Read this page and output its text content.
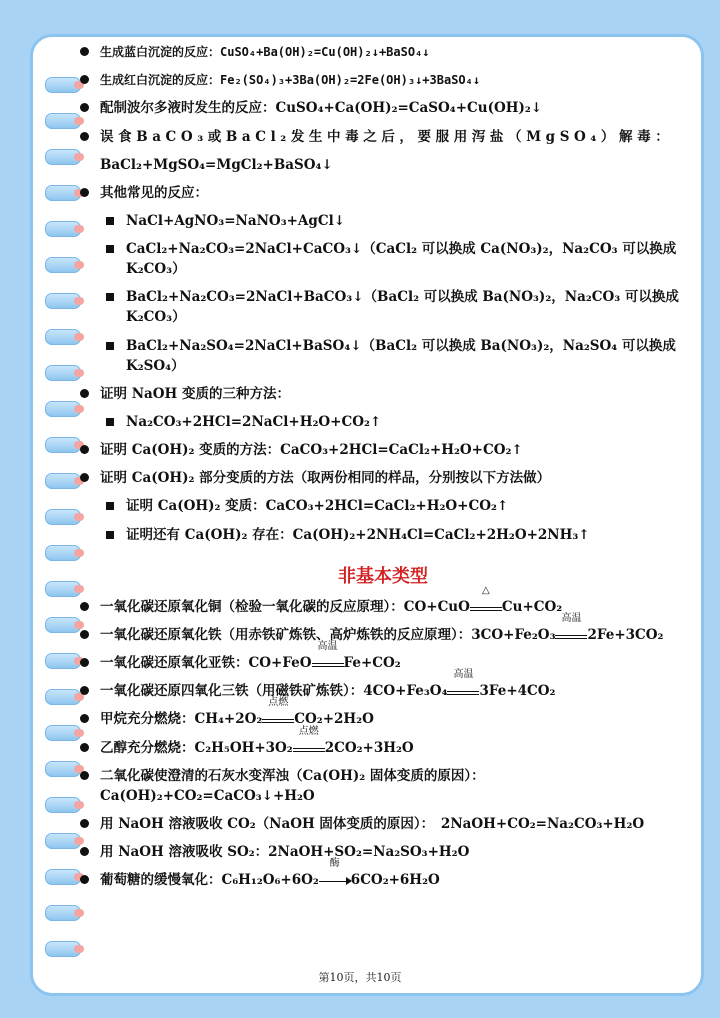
生成蓝白沉淀的反应：CuSO₄+Ba(OH)₂=Cu(OH)₂↓+BaSO₄↓
生成红白沉淀的反应：Fe₂(SO₄)₃+3Ba(OH)₂=2Fe(OH)₃↓+3BaSO₄↓
配制波尔多液时发生的反应：CuSO₄+Ca(OH)₂=CaSO₄+Cu(OH)₂↓
误食BaCO₃或BaCl₂发生中毒之后，要服用泻盐（MgSO₄）解毒：
BaCl₂+MgSO₄=MgCl₂+BaSO₄↓
其他常见的反应：
NaCl+AgNO₃=NaNO₃+AgCl↓
CaCl₂+Na₂CO₃=2NaCl+CaCO₃↓（CaCl₂ 可以换成 Ca(NO₃)₂，Na₂CO₃ 可以换成 K₂CO₃）
BaCl₂+Na₂CO₃=2NaCl+BaCO₃↓（BaCl₂ 可以换成 Ba(NO₃)₂，Na₂CO₃ 可以换成 K₂CO₃）
BaCl₂+Na₂SO₄=2NaCl+BaSO₄↓（BaCl₂ 可以换成 Ba(NO₃)₂，Na₂SO₄ 可以换成 K₂SO₄）
证明 NaOH 变质的三种方法：
Na₂CO₃+2HCl=2NaCl+H₂O+CO₂↑
证明 Ca(OH)₂ 变质的方法：CaCO₃+2HCl=CaCl₂+H₂O+CO₂↑
证明 Ca(OH)₂ 部分变质的方法（取两份相同的样品，分别按以下方法做）
证明 Ca(OH)₂ 变质：CaCO₃+2HCl=CaCl₂+H₂O+CO₂↑
证明还有 Ca(OH)₂ 存在：Ca(OH)₂+2NH₄Cl=CaCl₂+2H₂O+2NH₃↑
非基本类型
一氧化碳还原氧化铜（检验一氧化碳的反应原理）：CO+CuO
△
Cu+CO₂
一氧化碳还原氧化铁（用赤铁矿炼铁、高炉炼铁的反应原理）：3CO+Fe₂O₃
高温
2Fe+3CO₂
一氧化碳还原氧化亚铁：CO+FeO
高温
Fe+CO₂
一氧化碳还原四氧化三铁（用磁铁矿炼铁）：4CO+Fe₃O₄
高温
3Fe+4CO₂
甲烷充分燃烧：CH₄+2O₂
点燃
CO₂+2H₂O
乙醇充分燃烧：C₂H₅OH+3O₂
点燃
2CO₂+3H₂O
二氧化碳使澄清的石灰水变浑浊（Ca(OH)₂ 固体变质的原因）：Ca(OH)₂+CO₂=CaCO₃↓+H₂O
用 NaOH 溶液吸收 CO₂（NaOH 固体变质的原因）：　2NaOH+CO₂=Na₂CO₃+H₂O
用 NaOH 溶液吸收 SO₂：2NaOH+SO₂=Na₂SO₃+H₂O
葡萄糖的缓慢氧化：C₆H₁₂O₆+6O₂
酶
6CO₂+6H₂O
第10页，共10页
